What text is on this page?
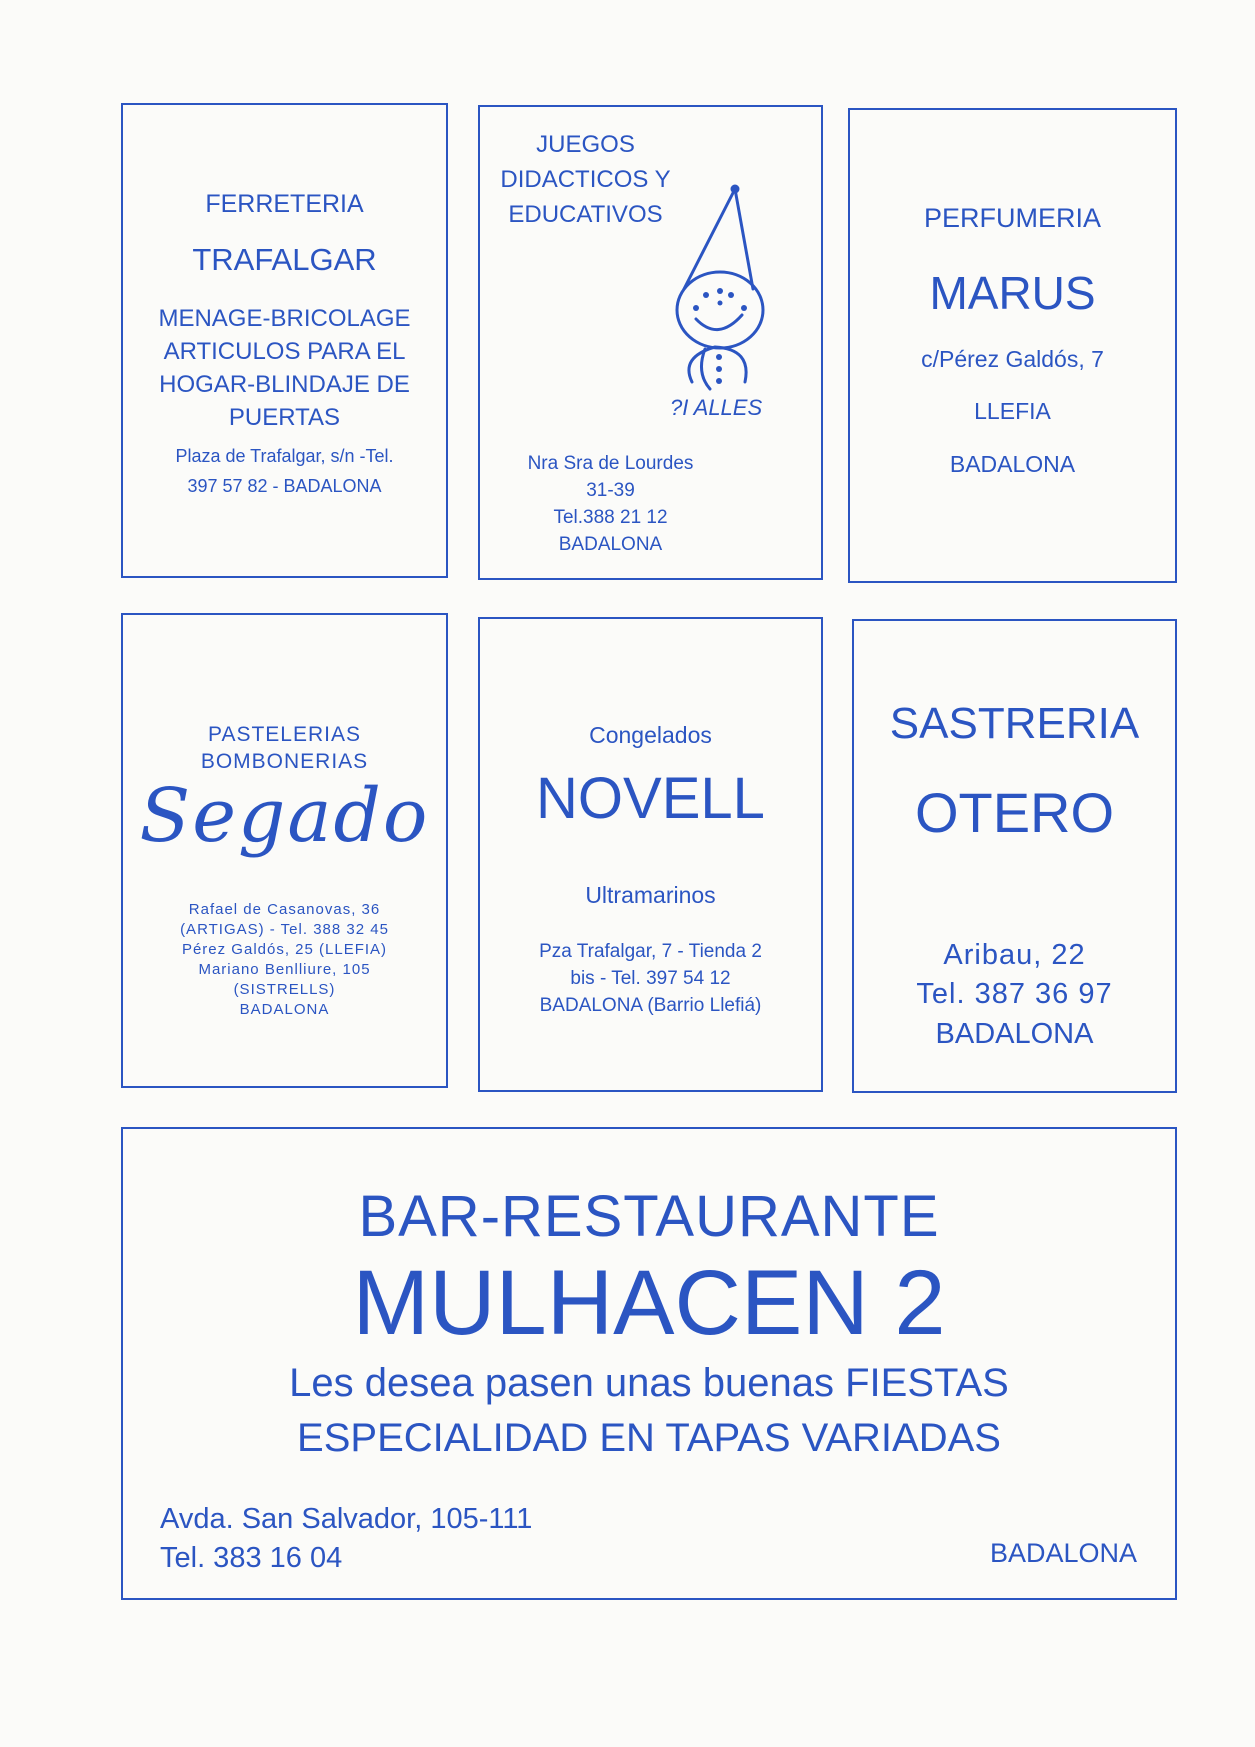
FERRETERIA
TRAFALGAR
MENAGE-BRICOLAGE
ARTICULOS PARA EL
HOGAR-BLINDAJE DE
PUERTAS
Plaza de Trafalgar, s/n -Tel.
397 57 82 - BADALONA
JUEGOS
DIDACTICOS Y
EDUCATIVOS
?I ALLES
Nra Sra de Lourdes
31-39
Tel.388 21 12
BADALONA
PERFUMERIA
MARUS
c/Pérez Galdós, 7
LLEFIA
BADALONA
PASTELERIAS
BOMBONERIAS
Segado
Rafael de Casanovas, 36
(ARTIGAS) - Tel. 388 32 45
Pérez Galdós, 25 (LLEFIA)
Mariano Benlliure, 105
(SISTRELLS)
BADALONA
Congelados
NOVELL
Ultramarinos
Pza Trafalgar, 7 - Tienda 2
bis - Tel. 397 54 12
BADALONA (Barrio Llefiá)
SASTRERIA
OTERO
Aribau, 22
Tel. 387 36 97
BADALONA
BAR-RESTAURANTE
MULHACEN 2
Les desea pasen unas buenas FIESTAS
ESPECIALIDAD EN TAPAS VARIADAS
Avda. San Salvador, 105-111
Tel. 383 16 04	BADALONA
